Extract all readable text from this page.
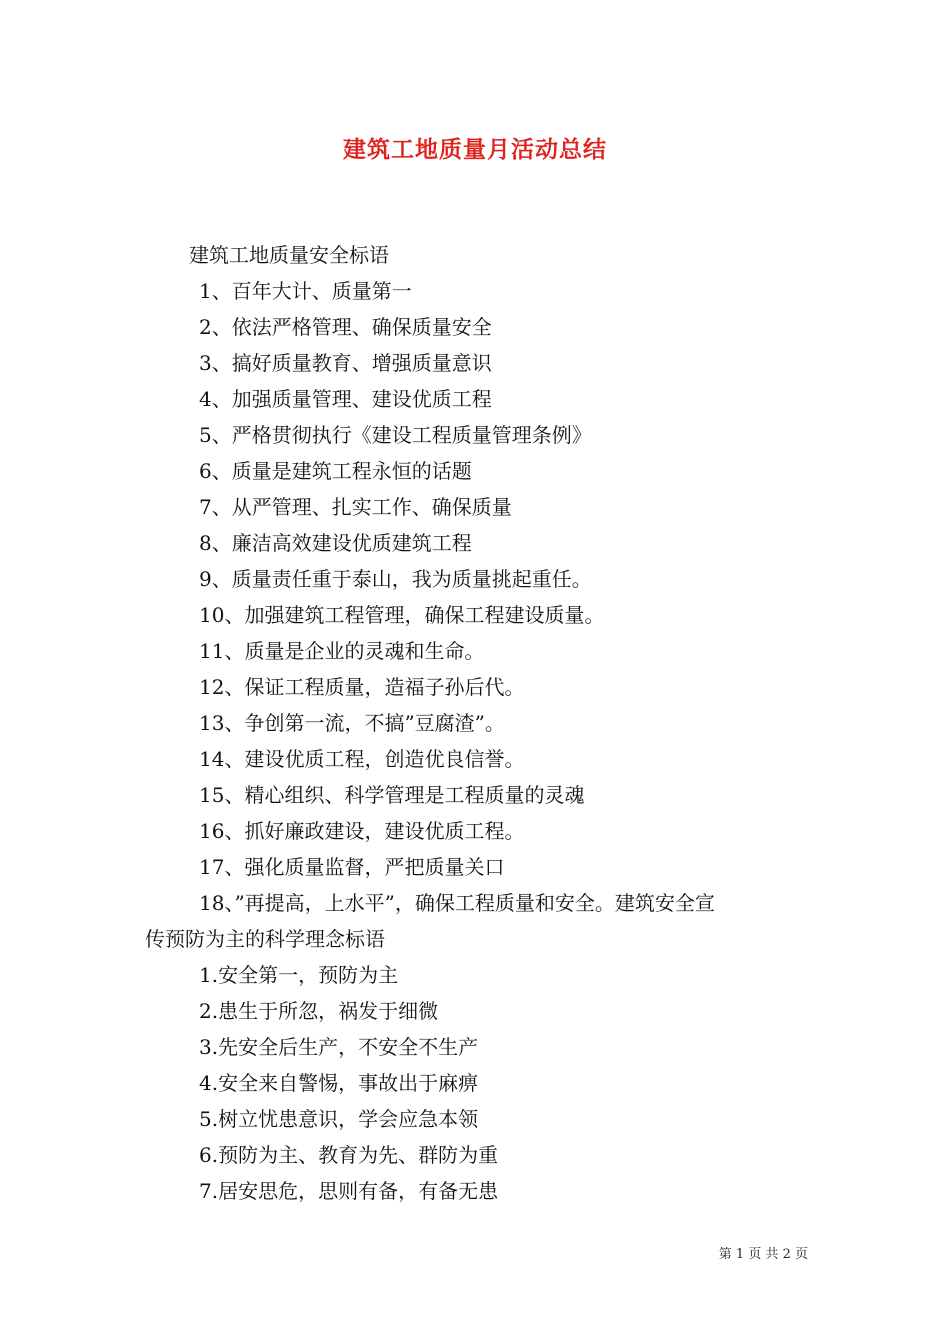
建筑工地质量月活动总结
建筑工地质量安全标语
1、百年大计、质量第一
2、依法严格管理、确保质量安全
3、搞好质量教育、增强质量意识
4、加强质量管理、建设优质工程
5、严格贯彻执行《建设工程质量管理条例》
6、质量是建筑工程永恒的话题
7、从严管理、扎实工作、确保质量
8、廉洁高效建设优质建筑工程
9、质量责任重于泰山，我为质量挑起重任。
10、加强建筑工程管理，确保工程建设质量。
11、质量是企业的灵魂和生命。
12、保证工程质量，造福子孙后代。
13、争创第一流，不搞”豆腐渣”。
14、建设优质工程，创造优良信誉。
15、精心组织、科学管理是工程质量的灵魂
16、抓好廉政建设，建设优质工程。
17、强化质量监督，严把质量关口
18、”再提高，上水平”，确保工程质量和安全。建筑安全宣
传预防为主的科学理念标语
1.安全第一，预防为主
2.患生于所忽，祸发于细微
3.先安全后生产，不安全不生产
4.安全来自警惕，事故出于麻痹
5.树立忧患意识，学会应急本领
6.预防为主、教育为先、群防为重
7.居安思危，思则有备，有备无患
第 1 页 共 2 页
